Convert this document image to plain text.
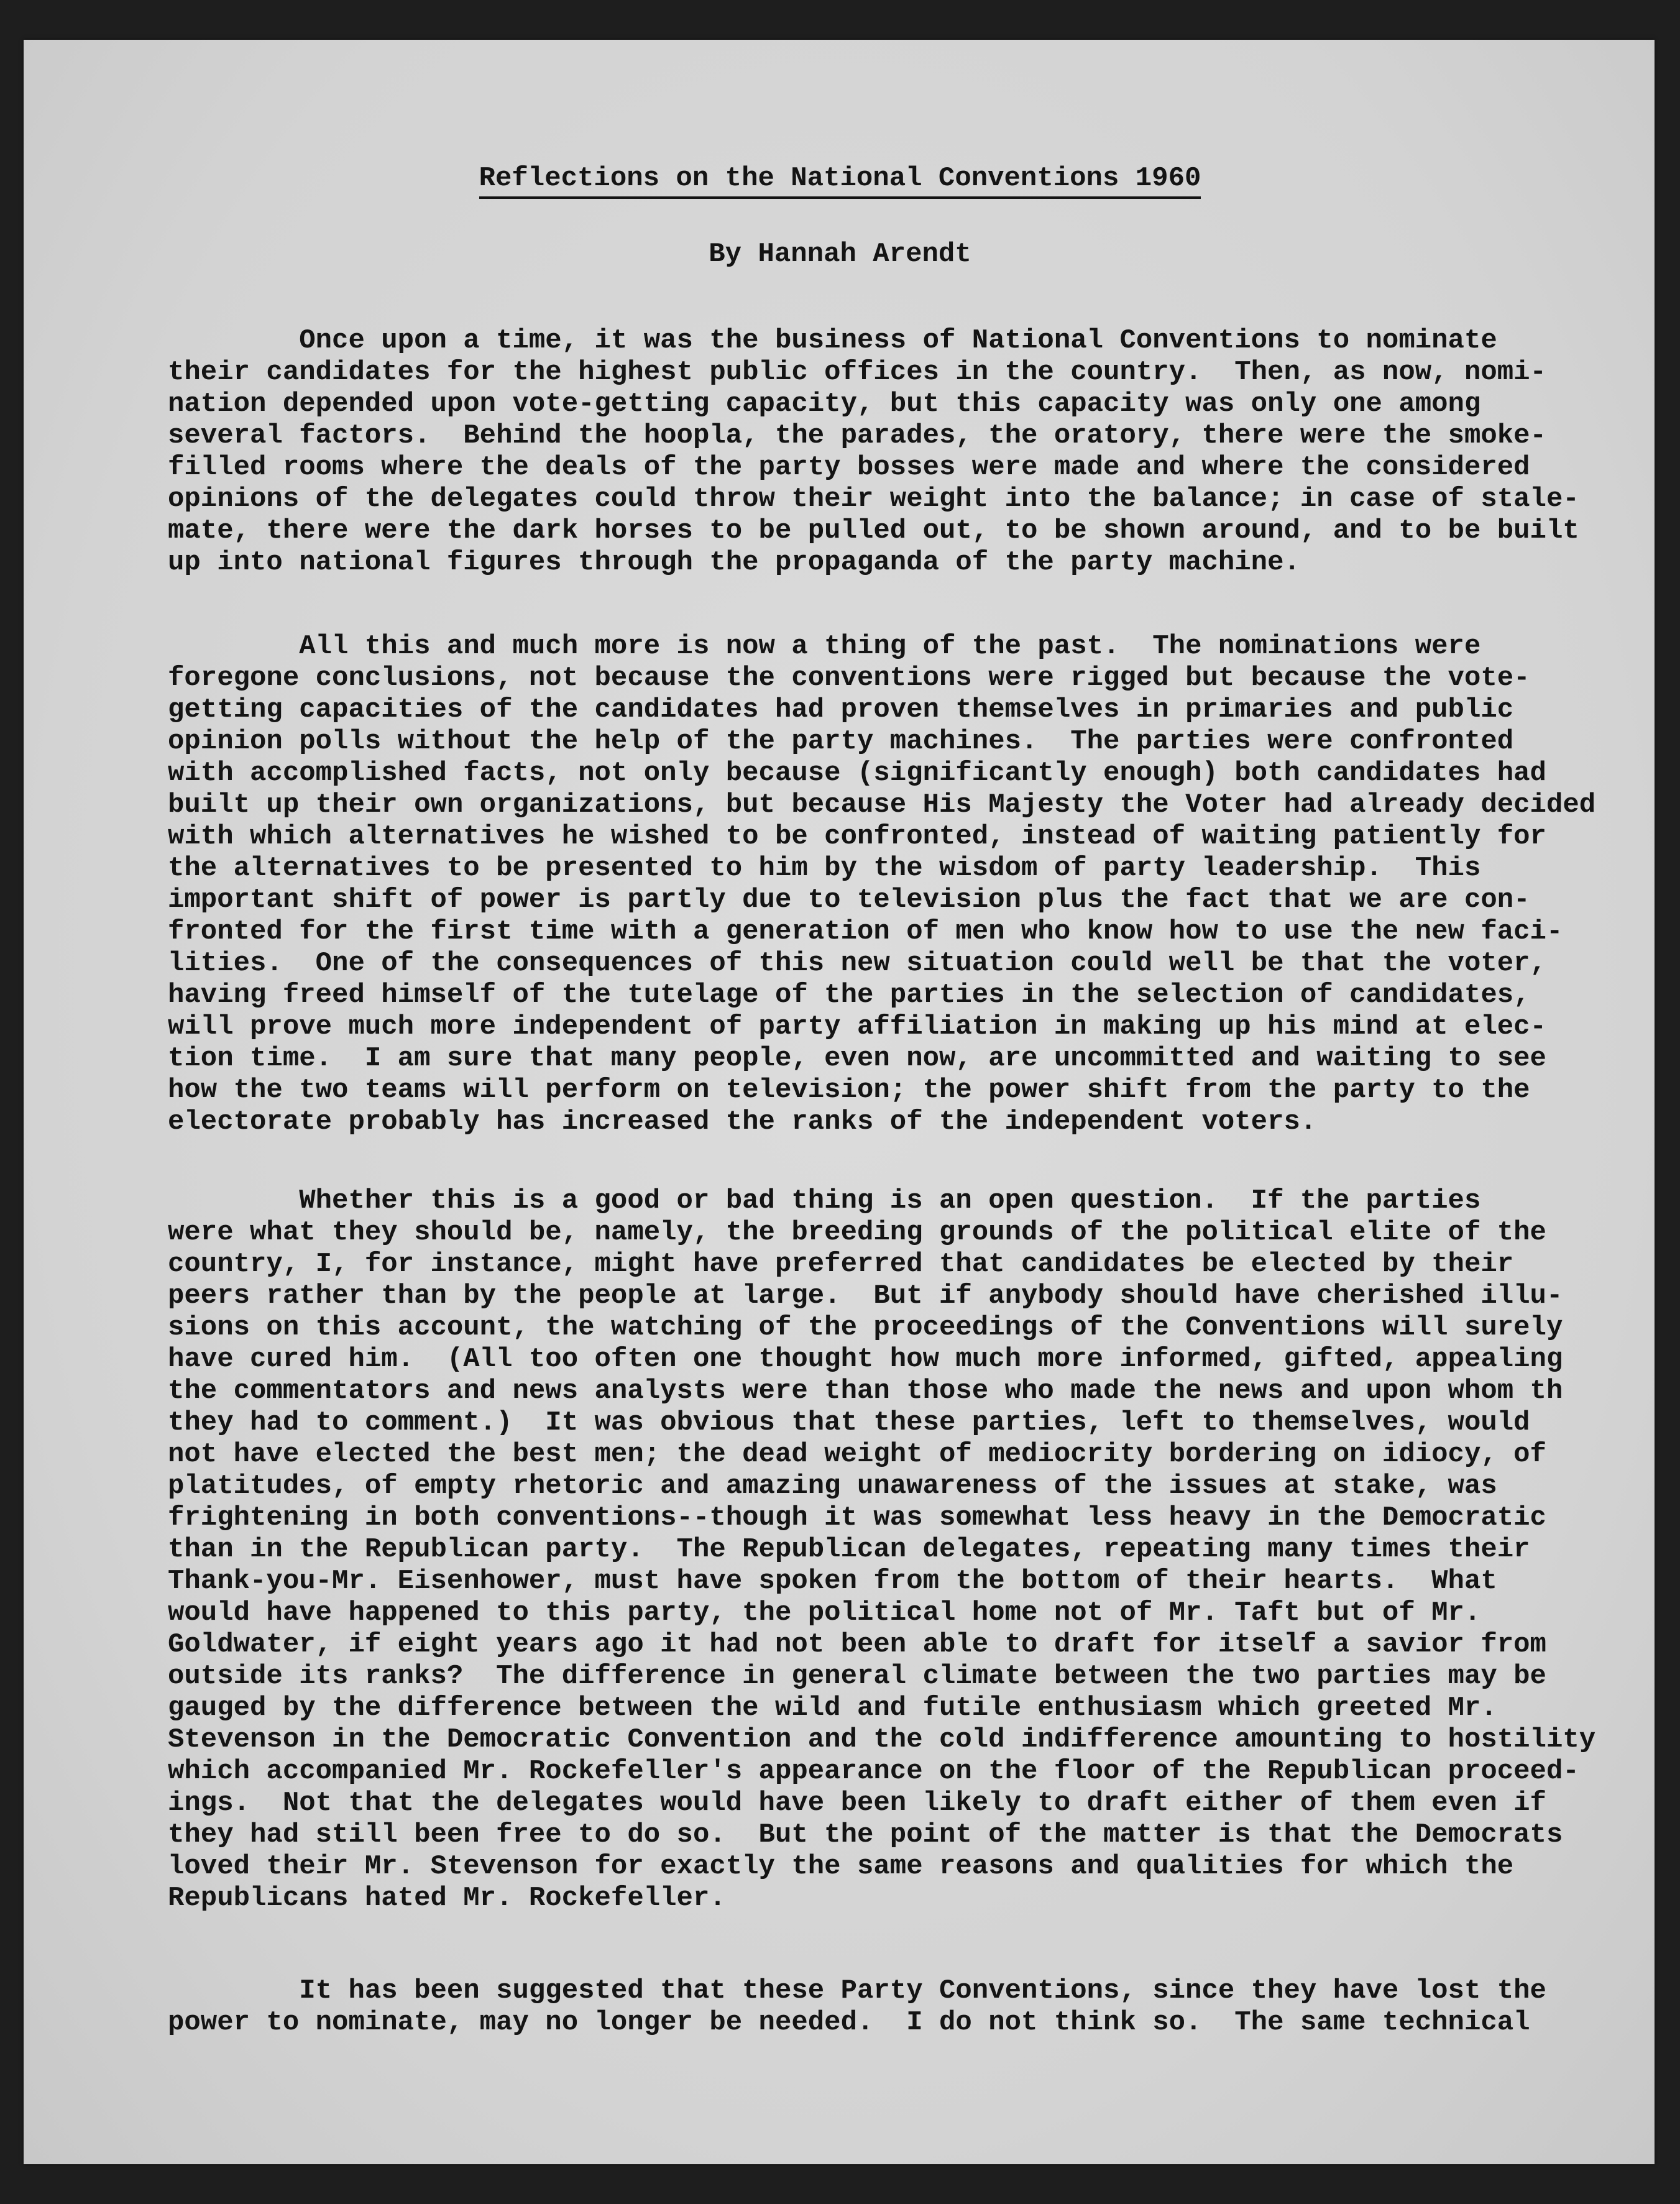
Reflections on the National Conventions 1960

By Hannah Arendt

Once upon a time, it was the business of National Conventions to nominate
their candidates for the highest public offices in the country.  Then, as now, nomi-
nation depended upon vote-getting capacity, but this capacity was only one among
several factors.  Behind the hoopla, the parades, the oratory, there were the smoke-
filled rooms where the deals of the party bosses were made and where the considered
opinions of the delegates could throw their weight into the balance; in case of stale-
mate, there were the dark horses to be pulled out, to be shown around, and to be built
up into national figures through the propaganda of the party machine.

All this and much more is now a thing of the past.  The nominations were
foregone conclusions, not because the conventions were rigged but because the vote-
getting capacities of the candidates had proven themselves in primaries and public
opinion polls without the help of the party machines.  The parties were confronted
with accomplished facts, not only because (significantly enough) both candidates had
built up their own organizations, but because His Majesty the Voter had already decided
with which alternatives he wished to be confronted, instead of waiting patiently for
the alternatives to be presented to him by the wisdom of party leadership.  This
important shift of power is partly due to television plus the fact that we are con-
fronted for the first time with a generation of men who know how to use the new faci-
lities.  One of the consequences of this new situation could well be that the voter,
having freed himself of the tutelage of the parties in the selection of candidates,
will prove much more independent of party affiliation in making up his mind at elec-
tion time.  I am sure that many people, even now, are uncommitted and waiting to see
how the two teams will perform on television; the power shift from the party to the
electorate probably has increased the ranks of the independent voters.

Whether this is a good or bad thing is an open question.  If the parties
were what they should be, namely, the breeding grounds of the political elite of the
country, I, for instance, might have preferred that candidates be elected by their
peers rather than by the people at large.  But if anybody should have cherished illu-
sions on this account, the watching of the proceedings of the Conventions will surely
have cured him.  (All too often one thought how much more informed, gifted, appealing
the commentators and news analysts were than those who made the news and upon whom th
they had to comment.)  It was obvious that these parties, left to themselves, would
not have elected the best men; the dead weight of mediocrity bordering on idiocy, of
platitudes, of empty rhetoric and amazing unawareness of the issues at stake, was
frightening in both conventions--though it was somewhat less heavy in the Democratic
than in the Republican party.  The Republican delegates, repeating many times their
Thank-you-Mr. Eisenhower, must have spoken from the bottom of their hearts.  What
would have happened to this party, the political home not of Mr. Taft but of Mr.
Goldwater, if eight years ago it had not been able to draft for itself a savior from
outside its ranks?  The difference in general climate between the two parties may be
gauged by the difference between the wild and futile enthusiasm which greeted Mr.
Stevenson in the Democratic Convention and the cold indifference amounting to hostility
which accompanied Mr. Rockefeller's appearance on the floor of the Republican proceed-
ings.  Not that the delegates would have been likely to draft either of them even if
they had still been free to do so.  But the point of the matter is that the Democrats
loved their Mr. Stevenson for exactly the same reasons and qualities for which the
Republicans hated Mr. Rockefeller.

It has been suggested that these Party Conventions, since they have lost the
power to nominate, may no longer be needed.  I do not think so.  The same technical
